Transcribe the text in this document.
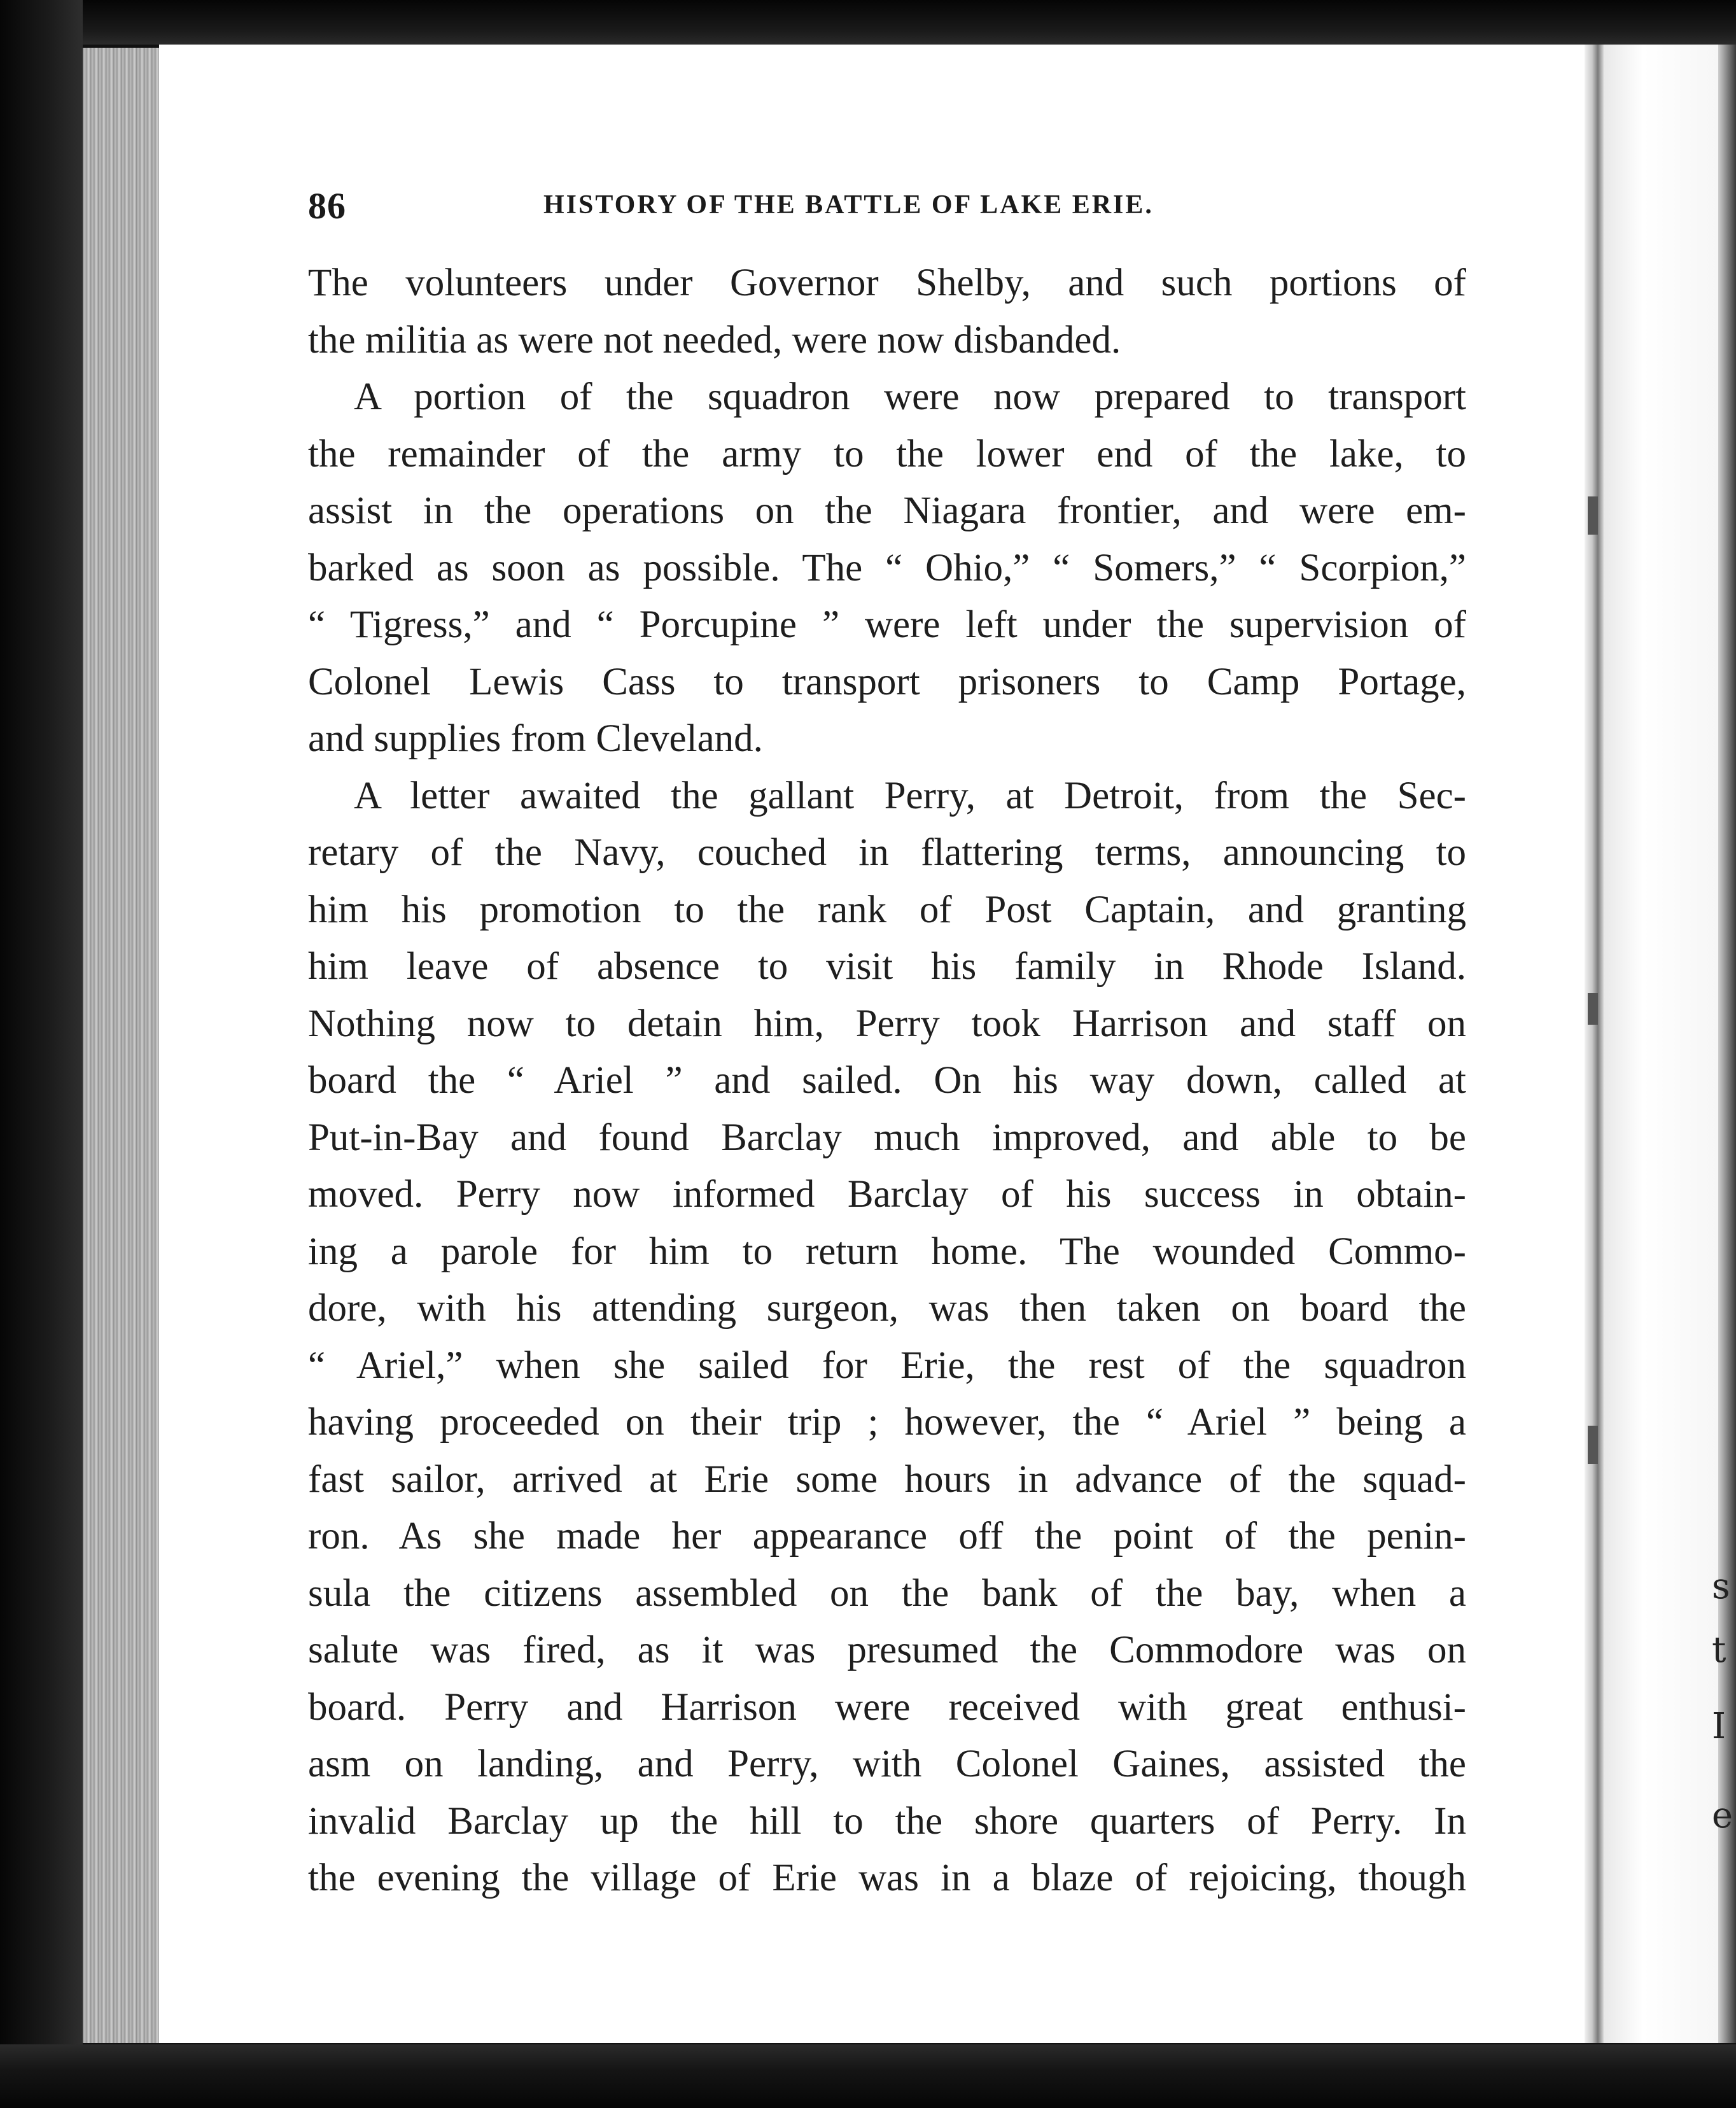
s
t
I
e
86	HISTORY OF THE BATTLE OF LAKE ERIE.
The volunteers under Governor Shelby, and such portions of
the militia as were not needed, were now disbanded.
A portion of the squadron were now prepared to transport
the remainder of the army to the lower end of the lake, to
assist in the operations on the Niagara frontier, and were em-
barked as soon as possible. The “ Ohio,” “ Somers,” “ Scorpion,”
“ Tigress,” and “ Porcupine ” were left under the supervision of
Colonel Lewis Cass to transport prisoners to Camp Portage,
and supplies from Cleveland.
A letter awaited the gallant Perry, at Detroit, from the Sec-
retary of the Navy, couched in flattering terms, announcing to
him his promotion to the rank of Post Captain, and granting
him leave of absence to visit his family in Rhode Island.
Nothing now to detain him, Perry took Harrison and staff on
board the “ Ariel ” and sailed. On his way down, called at
Put-in-Bay and found Barclay much improved, and able to be
moved. Perry now informed Barclay of his success in obtain-
ing a parole for him to return home. The wounded Commo-
dore, with his attending surgeon, was then taken on board the
“ Ariel,” when she sailed for Erie, the rest of the squadron
having proceeded on their trip ; however, the “ Ariel ” being a
fast sailor, arrived at Erie some hours in advance of the squad-
ron. As she made her appearance off the point of the penin-
sula the citizens assembled on the bank of the bay, when a
salute was fired, as it was presumed the Commodore was on
board. Perry and Harrison were received with great enthusi-
asm on landing, and Perry, with Colonel Gaines, assisted the
invalid Barclay up the hill to the shore quarters of Perry. In
the evening the village of Erie was in a blaze of rejoicing, though
